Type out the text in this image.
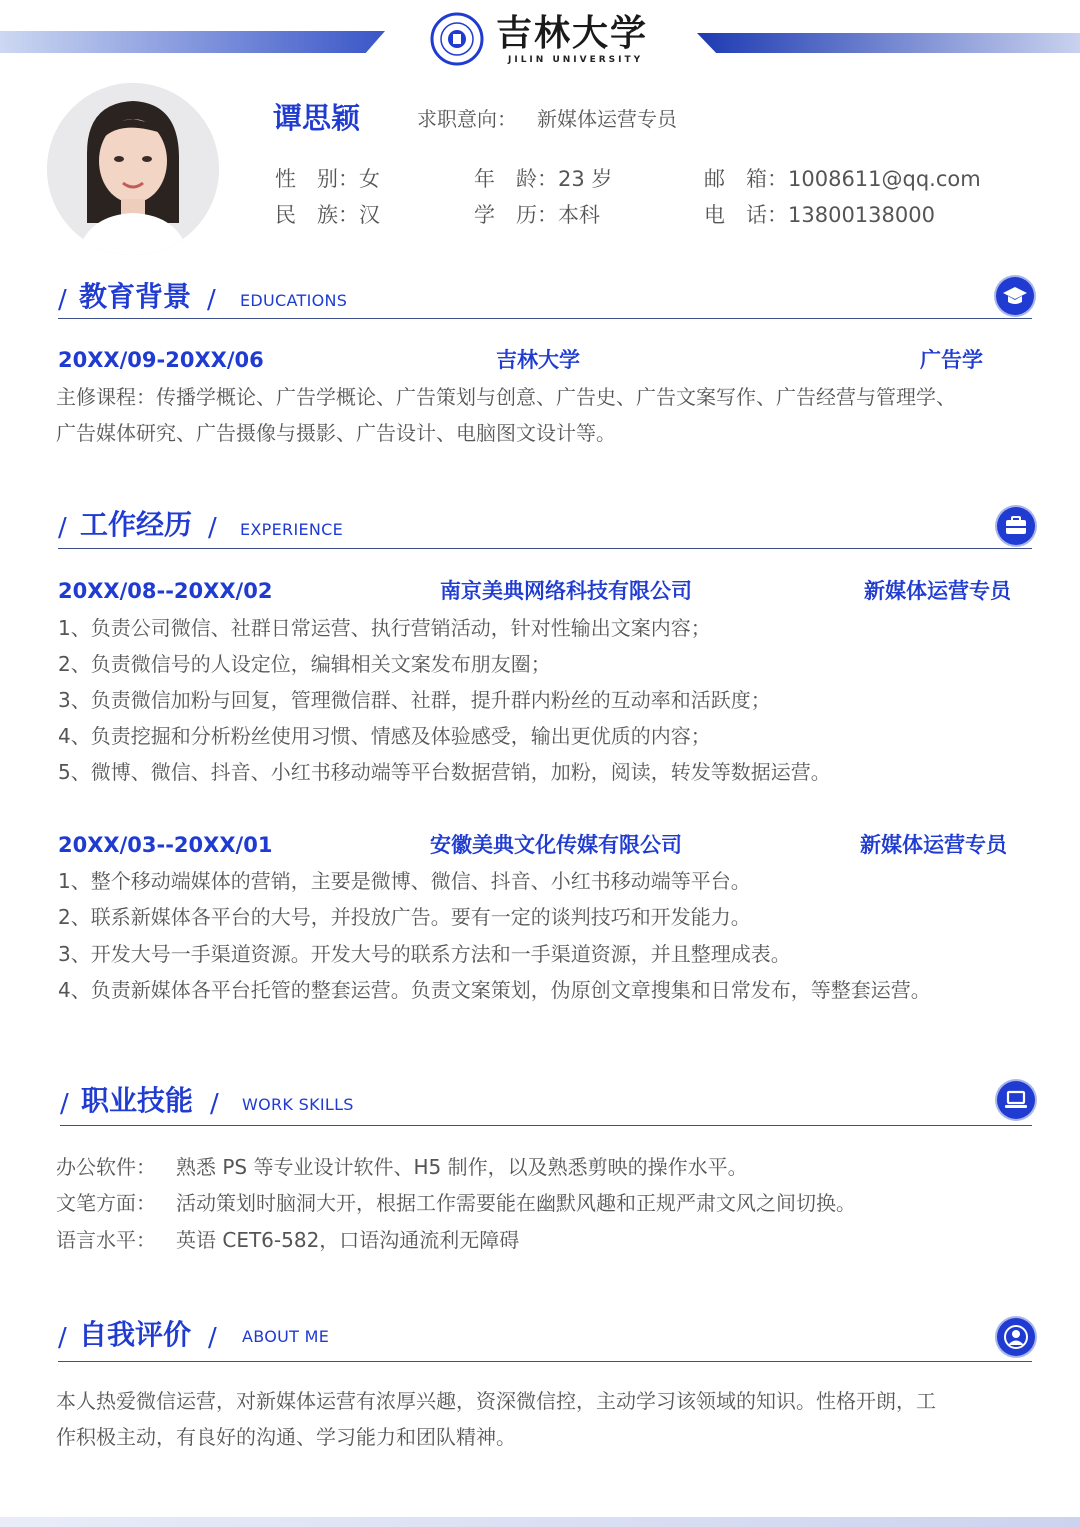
吉林大学
JILIN UNIVERSITY
谭思颖	求职意向： 新媒体运营专员
性　别：女	年　龄：23 岁	邮　箱：1008611@qq.com
民　族：汉	学　历：本科	电　话：13800138000
/ 教育背景 / EDUCATIONS
20XX/09-20XX/06	吉林大学	广告学
主修课程：传播学概论、广告学概论、广告策划与创意、广告史、广告文案写作、广告经营与管理学、
广告媒体研究、广告摄像与摄影、广告设计、电脑图文设计等。
/ 工作经历 / EXPERIENCE
20XX/08--20XX/02	南京美典网络科技有限公司	新媒体运营专员
1、负责公司微信、社群日常运营、执行营销活动，针对性输出文案内容；
2、负责微信号的人设定位，编辑相关文案发布朋友圈；
3、负责微信加粉与回复，管理微信群、社群，提升群内粉丝的互动率和活跃度；
4、负责挖掘和分析粉丝使用习惯、情感及体验感受，输出更优质的内容；
5、微博、微信、抖音、小红书移动端等平台数据营销，加粉，阅读，转发等数据运营。
20XX/03--20XX/01	安徽美典文化传媒有限公司	新媒体运营专员
1、整个移动端媒体的营销，主要是微博、微信、抖音、小红书移动端等平台。
2、联系新媒体各平台的大号，并投放广告。要有一定的谈判技巧和开发能力。
3、开发大号一手渠道资源。开发大号的联系方法和一手渠道资源，并且整理成表。
4、负责新媒体各平台托管的整套运营。负责文案策划，伪原创文章搜集和日常发布，等整套运营。
/ 职业技能 / WORK SKILLS
办公软件： 熟悉 PS 等专业设计软件、H5 制作，以及熟悉剪映的操作水平。
文笔方面： 活动策划时脑洞大开，根据工作需要能在幽默风趣和正规严肃文风之间切换。
语言水平： 英语 CET6-582，口语沟通流利无障碍
/ 自我评价 / ABOUT ME
本人热爱微信运营，对新媒体运营有浓厚兴趣，资深微信控，主动学习该领域的知识。性格开朗，工
作积极主动，有良好的沟通、学习能力和团队精神。
